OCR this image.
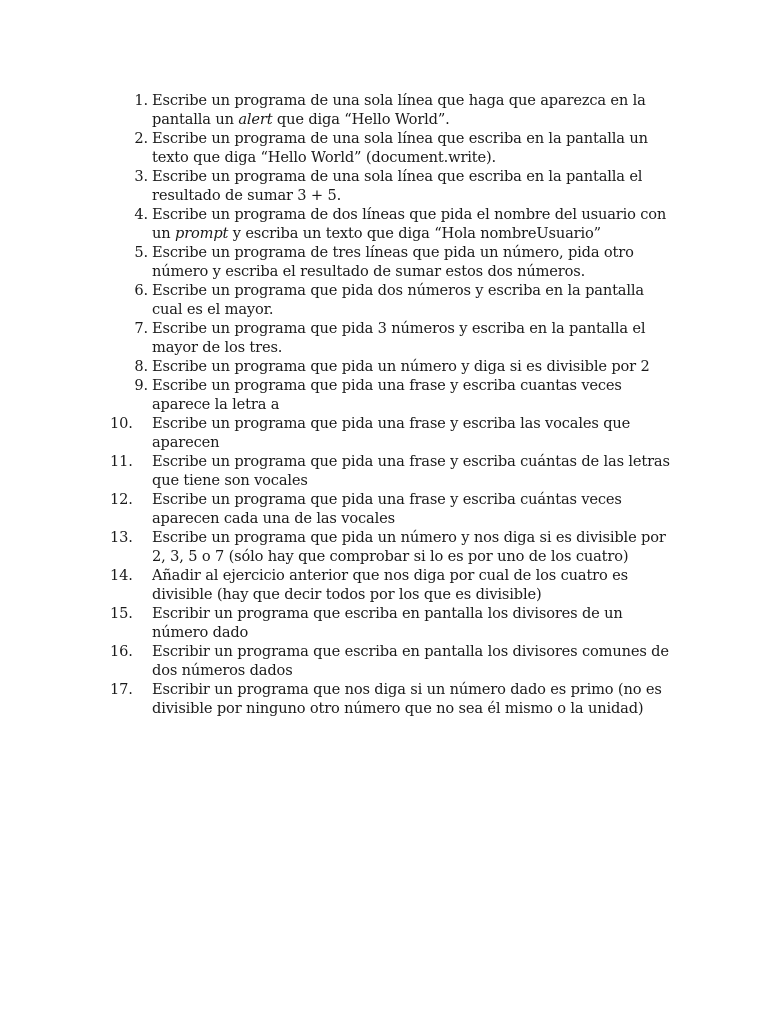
1. Escribe un programa de una sola línea que haga que aparezca en la pantalla un alert que diga “Hello World”.
2. Escribe un programa de una sola línea que escriba en la pantalla un texto que diga “Hello World” (document.write).
3. Escribe un programa de una sola línea que escriba en la pantalla el resultado de sumar 3 + 5.
4. Escribe un programa de dos líneas que pida el nombre del usuario con un prompt y escriba un texto que diga “Hola nombreUsuario”
5. Escribe un programa de tres líneas que pida un número, pida otro número y escriba el resultado de sumar estos dos números.
6. Escribe un programa que pida dos números y escriba en la pantalla cual es el mayor.
7. Escribe un programa que pida 3 números y escriba en la pantalla el mayor de los tres.
8. Escribe un programa que pida un número y diga si es divisible por 2
9. Escribe un programa que pida una frase y escriba cuantas veces aparece la letra a
10.	Escribe un programa que pida una frase y escriba las vocales que aparecen
11.	Escribe un programa que pida una frase y escriba cuántas de las letras que tiene son vocales
12.	Escribe un programa que pida una frase y escriba cuántas veces aparecen cada una de las vocales
13.	Escribe un programa que pida un número y nos diga si es divisible por 2, 3, 5 o 7 (sólo hay que comprobar si lo es por uno de los cuatro)
14.	Añadir al ejercicio anterior que nos diga por cual de los cuatro es divisible (hay que decir todos por los que es divisible)
15.	Escribir un programa que escriba en pantalla los divisores de un número dado
16.	Escribir un programa que escriba en pantalla los divisores comunes de dos números dados
17.	Escribir un programa que nos diga si un número dado es primo (no es divisible por ninguno otro número que no sea él mismo o la unidad)
